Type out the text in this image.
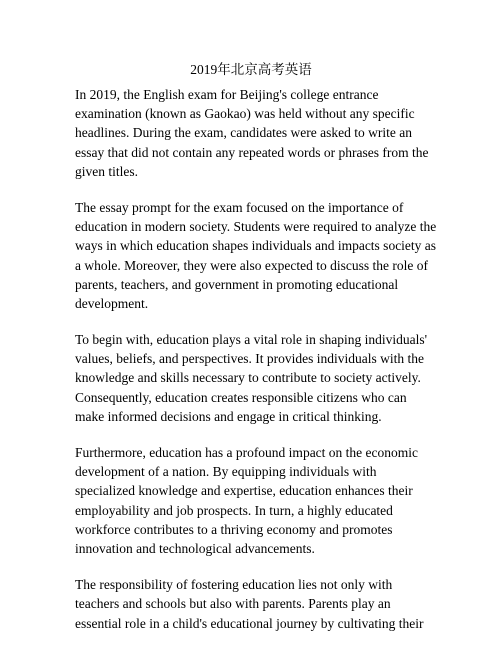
2019年北京高考英语

In 2019, the English exam for Beijing's college entrance
examination (known as Gaokao) was held without any specific
headlines. During the exam, candidates were asked to write an
essay that did not contain any repeated words or phrases from the
given titles.

The essay prompt for the exam focused on the importance of
education in modern society. Students were required to analyze the
ways in which education shapes individuals and impacts society as
a whole. Moreover, they were also expected to discuss the role of
parents, teachers, and government in promoting educational
development.

To begin with, education plays a vital role in shaping individuals'
values, beliefs, and perspectives. It provides individuals with the
knowledge and skills necessary to contribute to society actively.
Consequently, education creates responsible citizens who can
make informed decisions and engage in critical thinking.

Furthermore, education has a profound impact on the economic
development of a nation. By equipping individuals with
specialized knowledge and expertise, education enhances their
employability and job prospects. In turn, a highly educated
workforce contributes to a thriving economy and promotes
innovation and technological advancements.

The responsibility of fostering education lies not only with
teachers and schools but also with parents. Parents play an
essential role in a child's educational journey by cultivating their
